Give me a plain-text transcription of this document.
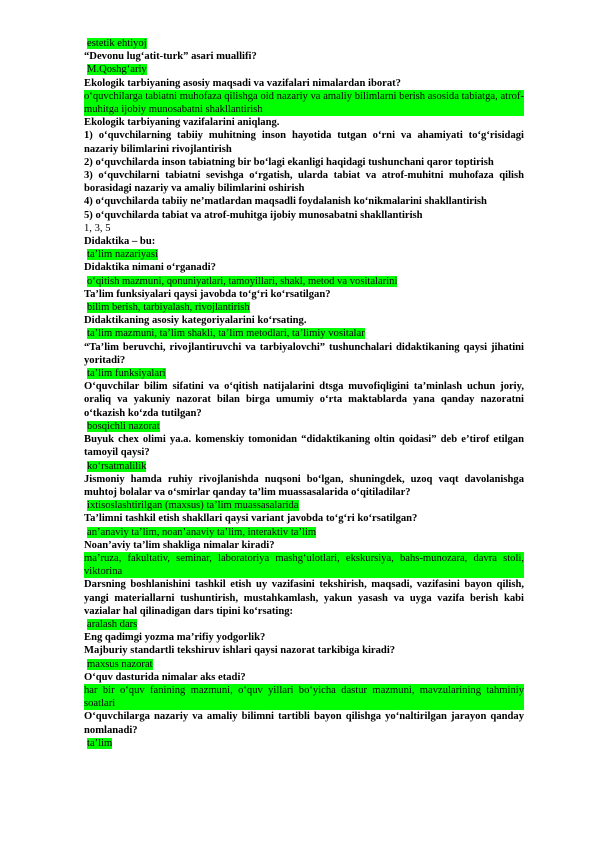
estetik ehtiyoj

“Devonu lug‘atit-turk” asari muallifi?

M.Qoshg‘ariy

Ekologik tarbiyaning asosiy maqsadi va vazifalari nimalardan iborat?

o‘quvchilarga tabiatni muhofaza qilishga oid nazariy va amaliy bilimlarni berish asosida tabiatga, atrof-muhitga ijobiy munosabatni shakllantirish

Ekologik tarbiyaning vazifalarini aniqlang.

1) o‘quvchilarning tabiiy muhitning inson hayotida tutgan o‘rni va ahamiyati to‘g‘risidagi nazariy bilimlarini rivojlantirish

2) o‘quvchilarda inson tabiatning bir bo‘lagi ekanligi haqidagi tushunchani qaror toptirish

3) o‘quvchilarni tabiatni sevishga o‘rgatish, ularda tabiat va atrof-muhitni muhofaza qilish borasidagi nazariy va amaliy bilimlarini oshirish

4) o‘quvchilarda tabiiy ne’matlardan maqsadli foydalanish ko‘nikmalarini shakllantirish

5) o‘quvchilarda tabiat va atrof-muhitga ijobiy munosabatni shakllantirish

1, 3, 5

Didaktika – bu:

ta’lim nazariyasi

Didaktika nimani o‘rganadi?

o‘qitish mazmuni, qonuniyatlari, tamoyillari, shakl, metod va vositalarini

Ta’lim funksiyalari qaysi javobda to‘g‘ri ko‘rsatilgan?

bilim berish, tarbiyalash, rivojlantirish

Didaktikaning asosiy kategoriyalarini ko‘rsating.

ta’lim mazmuni, ta’lim shakli, ta’lim metodlari, ta’limiy vositalar

“Ta’lim beruvchi, rivojlantiruvchi va tarbiyalovchi” tushunchalari didaktikaning qaysi jihatini yoritadi?

ta’lim funksiyalari

O‘quvchilar bilim sifatini va o‘qitish natijalarini dtsga muvofiqligini ta’minlash uchun joriy, oraliq va yakuniy nazorat bilan birga umumiy o‘rta maktablarda yana qanday nazoratni o‘tkazish ko‘zda tutilgan?

bosqichli nazorat

Buyuk chex olimi ya.a. komenskiy tomonidan “didaktikaning oltin qoidasi” deb e’tirof etilgan tamoyil qaysi?

ko‘rsatmalilik

Jismoniy hamda ruhiy rivojlanishda nuqsoni bo‘lgan, shuningdek, uzoq vaqt davolanishga muhtoj bolalar va o‘smirlar qanday ta’lim muassasalarida o‘qitiladilar?

ixtisoslashtirilgan (maxsus) ta’lim muassasalarida

Ta’limni tashkil etish shakllari qaysi variant javobda to‘g‘ri ko‘rsatilgan?

an’anaviy ta’lim, noan’anaviy ta’lim, interaktiv ta’lim

Noan’aviy ta’lim shakliga nimalar kiradi?

ma’ruza, fakultativ, seminar, laboratoriya mashg‘ulotlari, ekskursiya, bahs-munozara, davra stoli, viktorina

Darsning boshlanishini tashkil etish uy vazifasini tekshirish, maqsadi, vazifasini bayon qilish, yangi materiallarni tushuntirish, mustahkamlash, yakun yasash va uyga vazifa berish kabi vazialar hal qilinadigan dars tipini ko‘rsating:

aralash dars

Eng qadimgi yozma ma’rifiy yodgorlik?

Majburiy standartli tekshiruv ishlari qaysi nazorat tarkibiga kiradi?

maxsus nazorat

O‘quv dasturida nimalar aks etadi?

har bir o‘quv fanining mazmuni, o‘quv yillari bo‘yicha dastur mazmuni, mavzularining tahminiy soatlari

O‘quvchilarga nazariy va amaliy bilimni tartibli bayon qilishga yo‘naltirilgan jarayon qanday nomlanadi?

ta’lim
